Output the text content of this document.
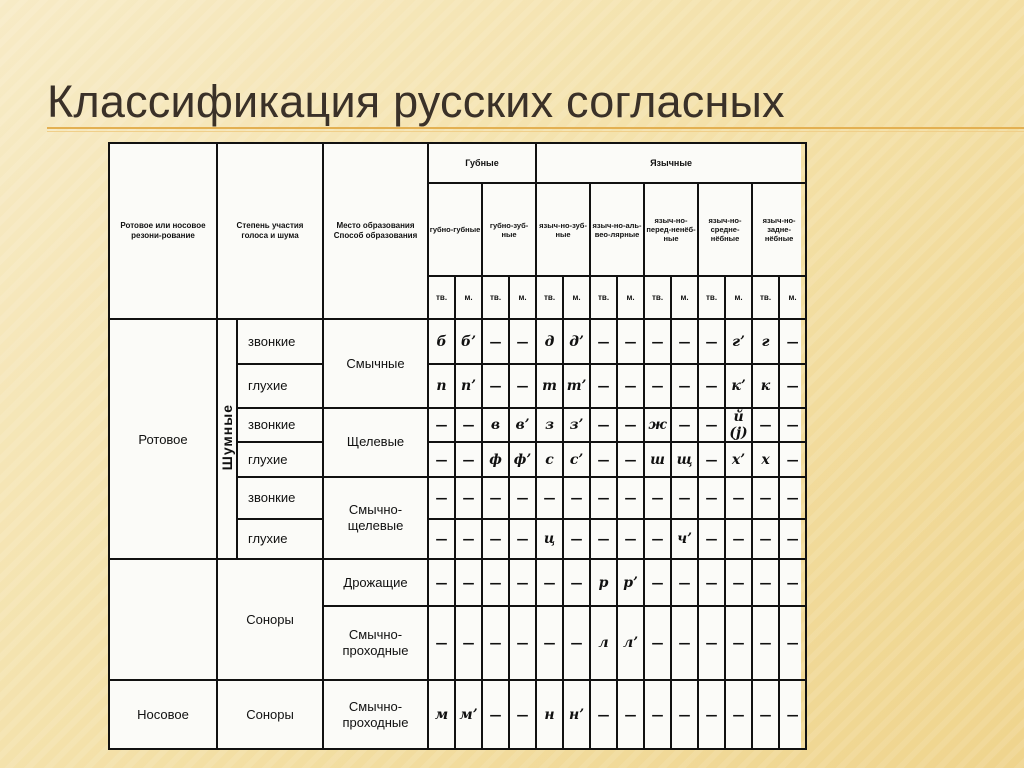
Классификация русских согласных
Ротовое или носовое резони-рование	Степень участия голоса и шума		Место образования Способ образования	Губные				Язычные									
				губно-губные		губно-зуб-ные		языч-но-зуб-ные		языч-но-аль-вео-лярные		языч-но-перед-ненёб-ные		языч-но-средне-нёбные		языч-но-задне-нёбные	
				тв.	м.	тв.	м.	тв.	м.	тв.	м.	тв.	м.	тв.	м.	тв.	м.
Ротовое	Шумные	звонкие	Смычные	б	б’	—	—	д	д’	—	—	—	—	—	г’	г	—
		глухие		п	п’	—	—	т	т’	—	—	—	—	—	к’	к	—
		звонкие	Щелевые	—	—	в	в’	з	з’	—	—	ж	—	—	й (j)	—	—
		глухие		—	—	ф	ф’	с	с’	—	—	ш	щ	—	х’	х	—
		звонкие	Смычно-щелевые	—	—	—	—	—	—	—	—	—	—	—	—	—	—
		глухие		—	—	—	—	ц	—	—	—	—	ч’	—	—	—	—
	Соноры		Дрожащие	—	—	—	—	—	—	р	р’	—	—	—	—	—	—
			Смычно-проходные	—	—	—	—	—	—	л	л’	—	—	—	—	—	—
Носовое	Соноры		Смычно-проходные	м	м’	—	—	н	н’	—	—	—	—	—	—	—	—
